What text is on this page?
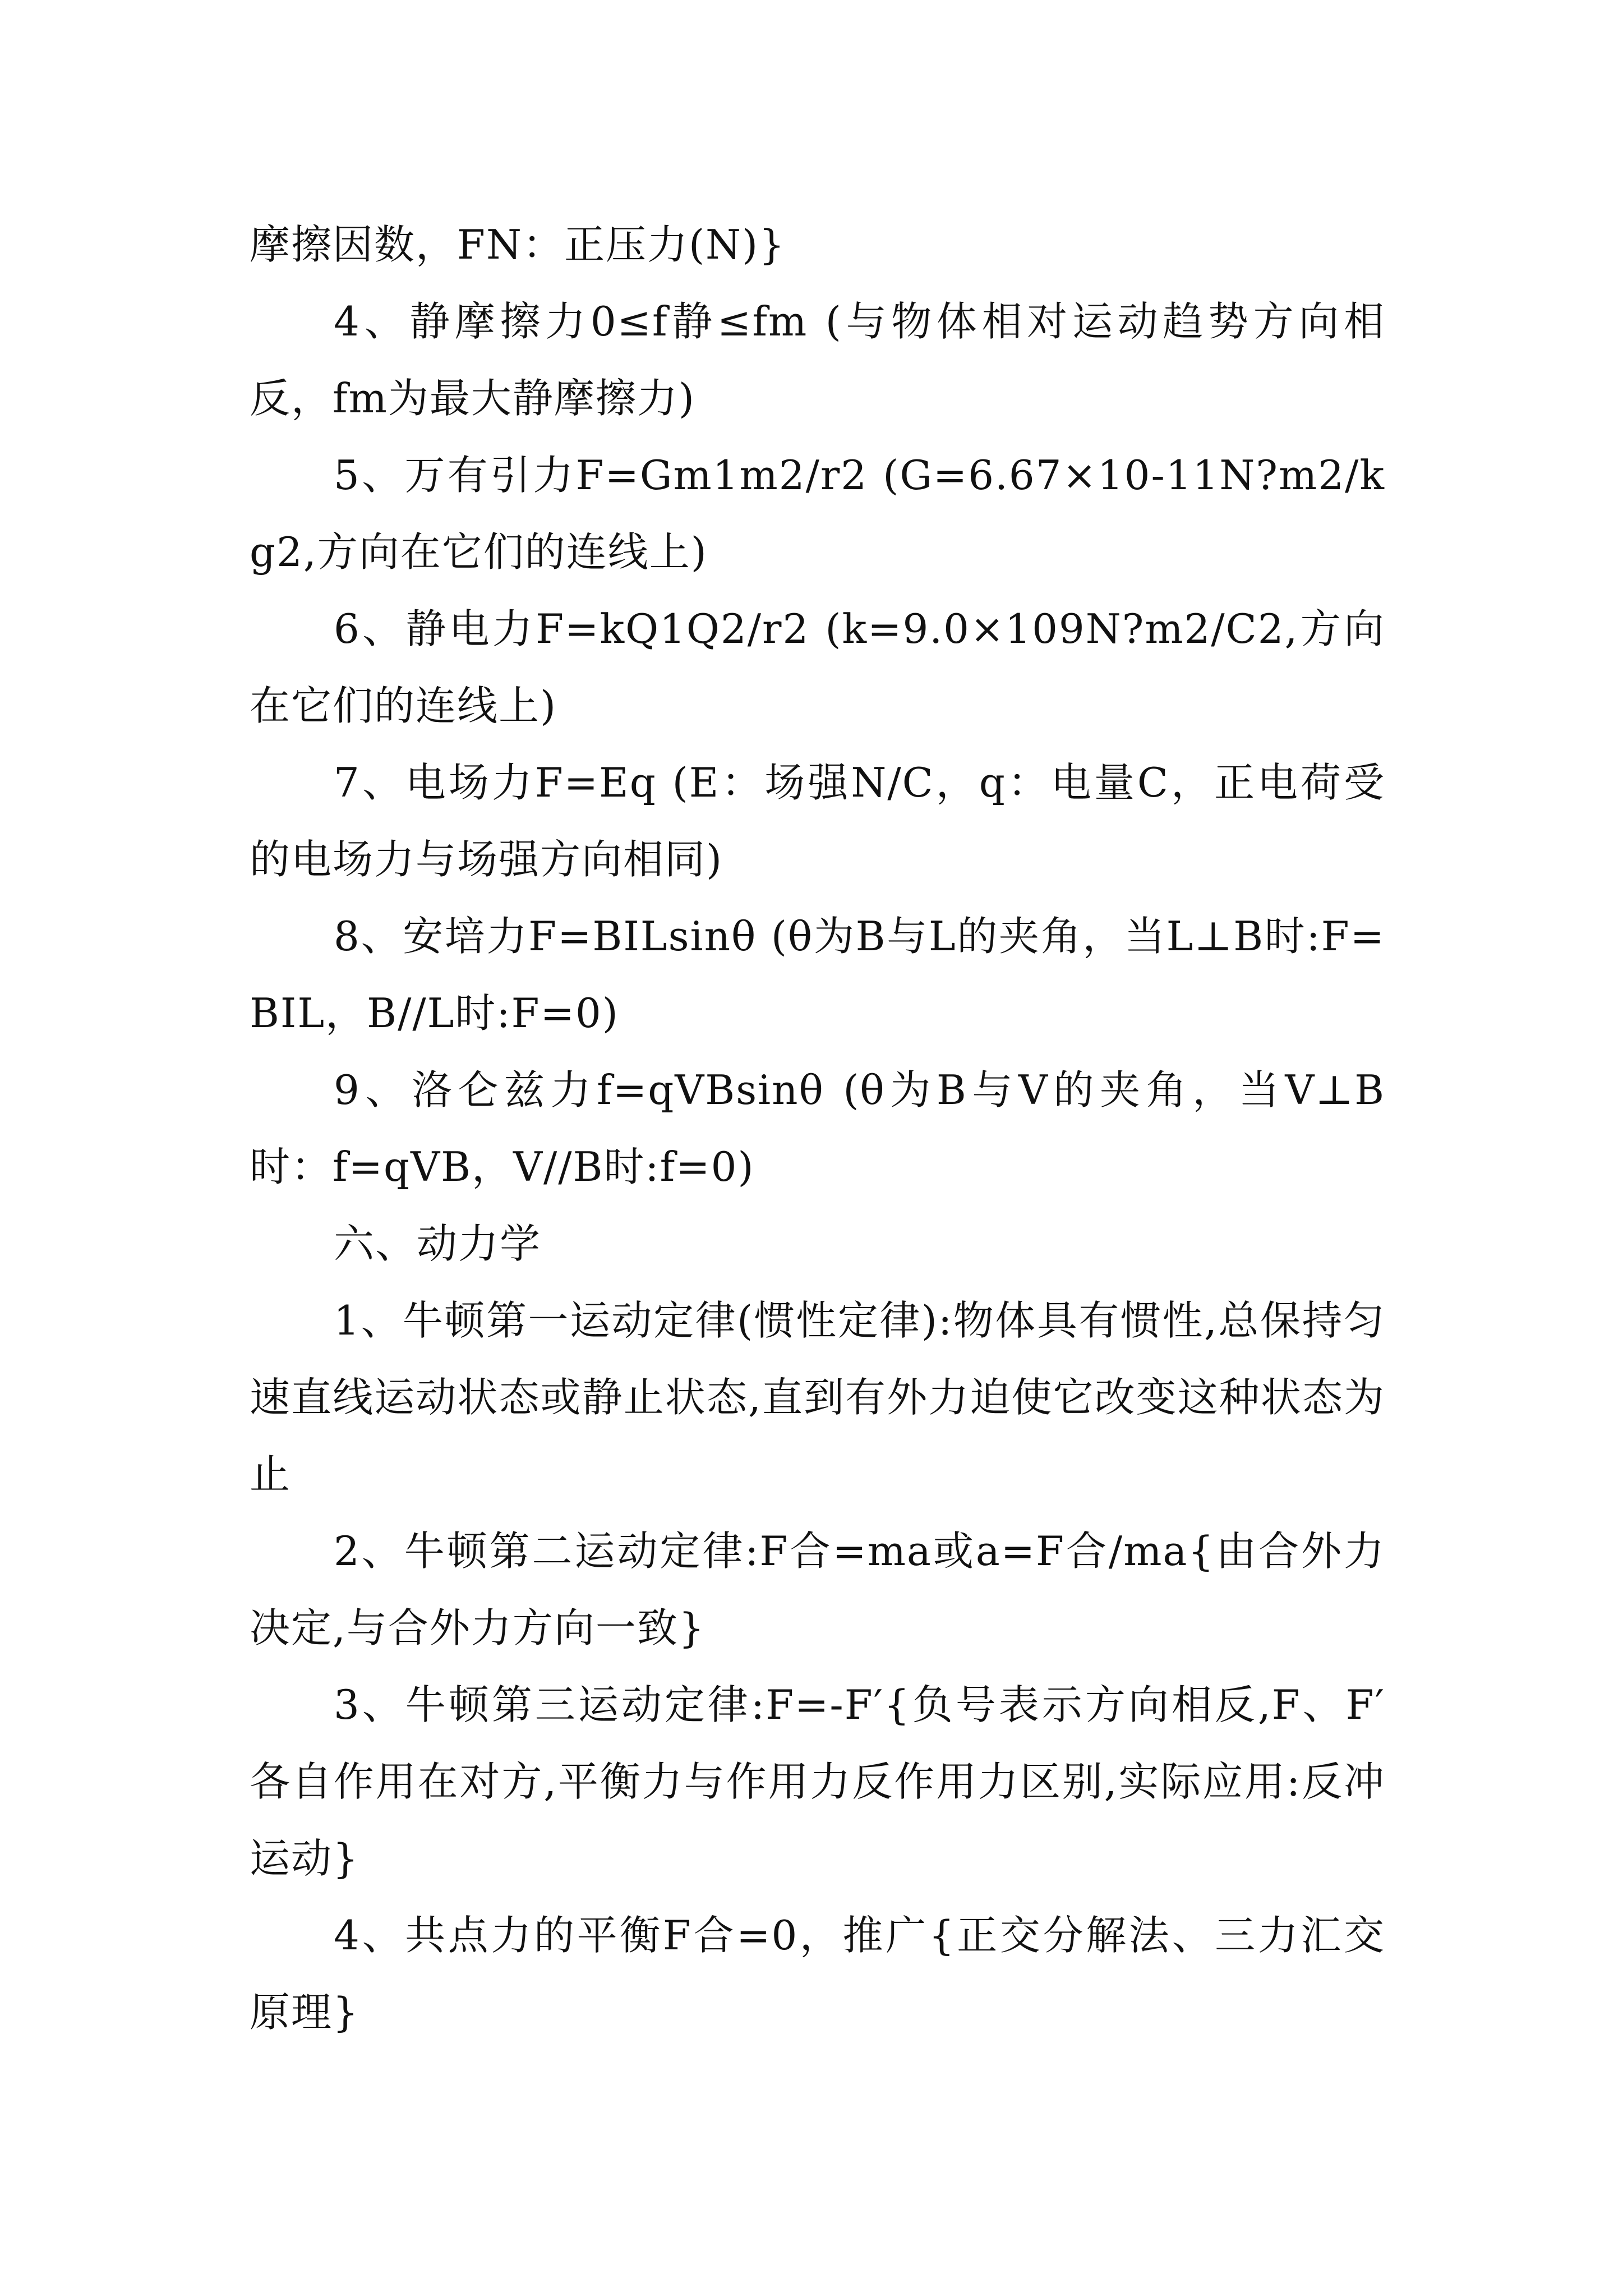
摩擦因数，FN：正压力(N)}

4、静摩擦力0≤f静≤fm (与物体相对运动趋势方向相反，fm为最大静摩擦力)

5、万有引力F=Gm1m2/r2 (G=6.67×10-11N?m2/kg2,方向在它们的连线上)

6、静电力F=kQ1Q2/r2 (k=9.0×109N?m2/C2,方向在它们的连线上)

7、电场力F=Eq (E：场强N/C，q：电量C，正电荷受的电场力与场强方向相同)

8、安培力F=BILsinθ (θ为B与L的夹角，当L⊥B时:F=BIL，B//L时:F=0)

9、洛仑兹力f=qVBsinθ (θ为B与V的夹角，当V⊥B时：f=qVB，V//B时:f=0)

六、动力学

1、牛顿第一运动定律(惯性定律):物体具有惯性,总保持匀速直线运动状态或静止状态,直到有外力迫使它改变这种状态为止

2、牛顿第二运动定律:F合=ma或a=F合/ma{由合外力决定,与合外力方向一致}

3、牛顿第三运动定律:F=-F′{负号表示方向相反,F、F′各自作用在对方,平衡力与作用力反作用力区别,实际应用:反冲运动}

4、共点力的平衡F合=0，推广{正交分解法、三力汇交原理}
